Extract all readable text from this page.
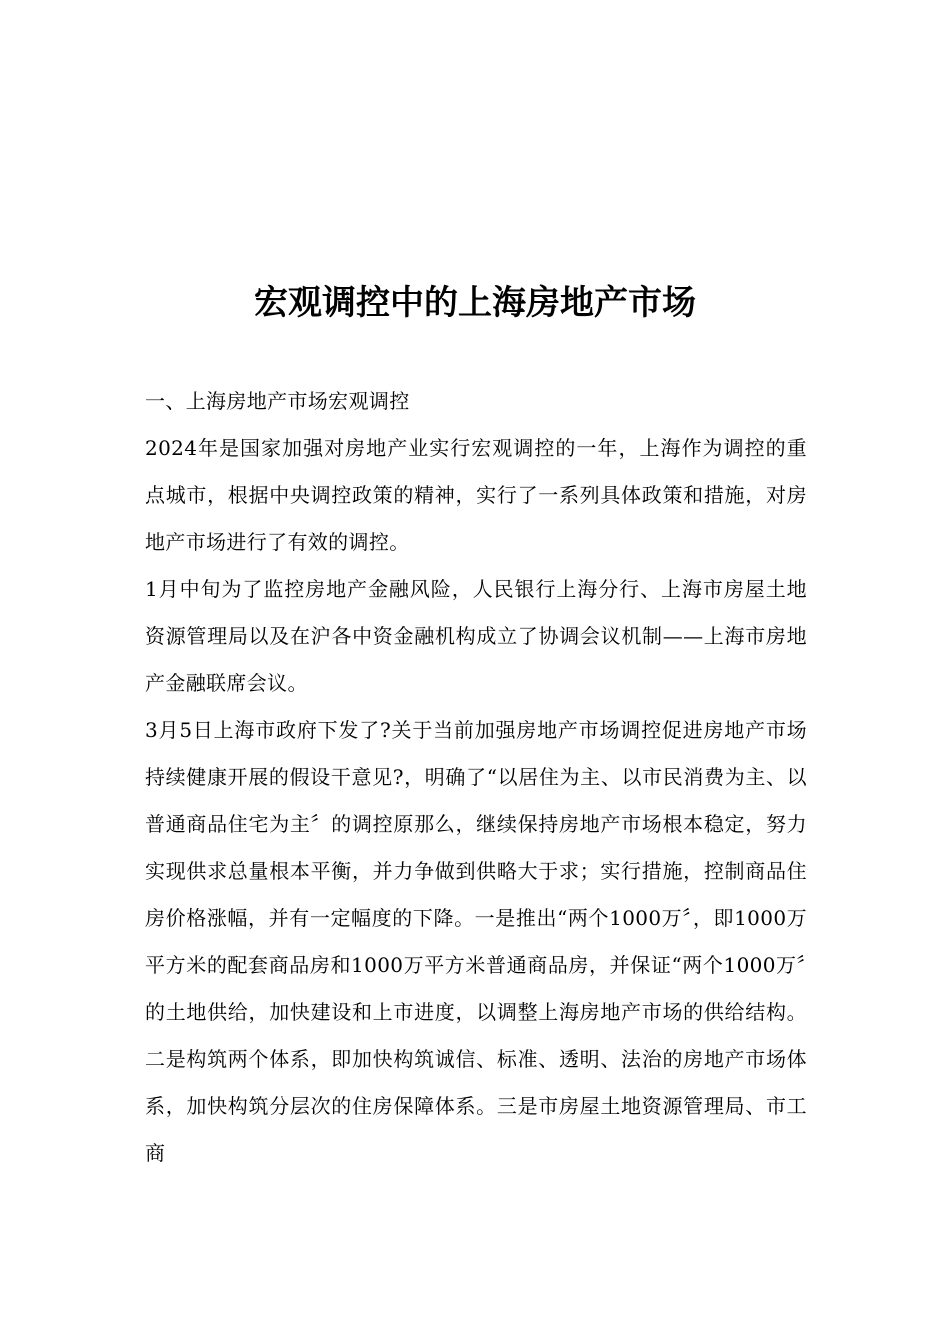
宏观调控中的上海房地产市场

一、上海房地产市场宏观调控

2024年是国家加强对房地产业实行宏观调控的一年，上海作为调控的重点城市，根据中央调控政策的精神，实行了一系列具体政策和措施，对房地产市场进行了有效的调控。

1月中旬为了监控房地产金融风险，人民银行上海分行、上海市房屋土地资源管理局以及在沪各中资金融机构成立了协调会议机制——上海市房地产金融联席会议。

3月5日上海市政府下发了?关于当前加强房地产市场调控促进房地产市场持续健康开展的假设干意见?，明确了“以居住为主、以市民消费为主、以普通商品住宅为主〞的调控原那么，继续保持房地产市场根本稳定，努力实现供求总量根本平衡，并力争做到供略大于求；实行措施，控制商品住房价格涨幅，并有一定幅度的下降。一是推出“两个1000万〞，即1000万平方米的配套商品房和1000万平方米普通商品房，并保证“两个1000万〞的土地供给，加快建设和上市进度，以调整上海房地产市场的供给结构。二是构筑两个体系，即加快构筑诚信、标准、透明、法治的房地产市场体系，加快构筑分层次的住房保障体系。三是市房屋土地资源管理局、市工商
